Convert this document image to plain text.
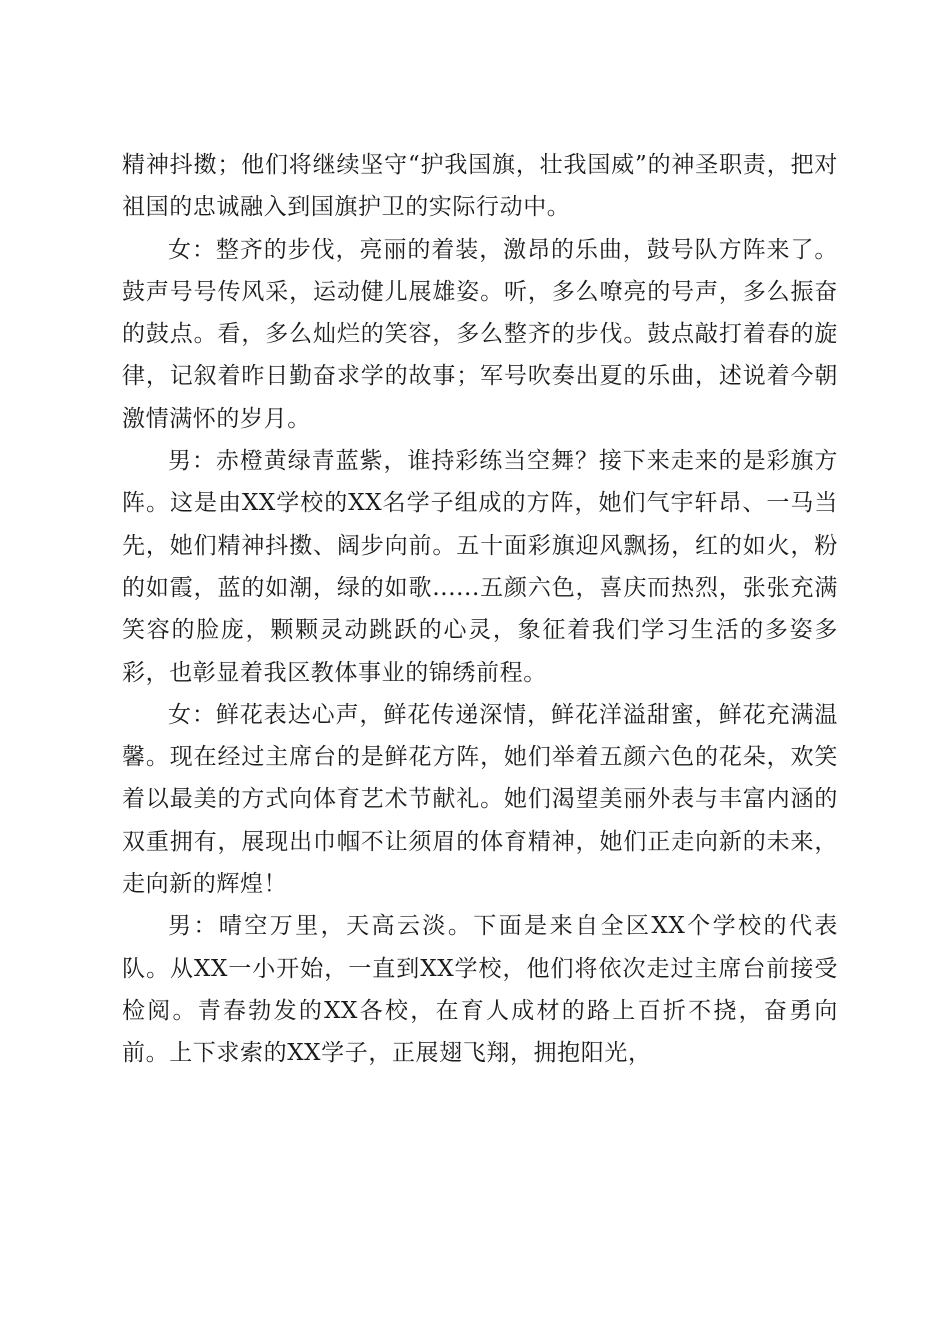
精神抖擞；他们将继续坚守“护我国旗，壮我国威”的神圣职责，把对祖国的忠诚融入到国旗护卫的实际行动中。

女：整齐的步伐，亮丽的着装，激昂的乐曲，鼓号队方阵来了。鼓声号号传风采，运动健儿展雄姿。听，多么嘹亮的号声，多么振奋的鼓点。看，多么灿烂的笑容，多么整齐的步伐。鼓点敲打着春的旋律，记叙着昨日勤奋求学的故事；军号吹奏出夏的乐曲，述说着今朝激情满怀的岁月。

男：赤橙黄绿青蓝紫，谁持彩练当空舞？接下来走来的是彩旗方阵。这是由XX学校的XX名学子组成的方阵，她们气宇轩昂、一马当先，她们精神抖擞、阔步向前。五十面彩旗迎风飘扬，红的如火，粉的如霞，蓝的如潮，绿的如歌......五颜六色，喜庆而热烈，张张充满笑容的脸庞，颗颗灵动跳跃的心灵，象征着我们学习生活的多姿多彩，也彰显着我区教体事业的锦绣前程。

女：鲜花表达心声，鲜花传递深情，鲜花洋溢甜蜜，鲜花充满温馨。现在经过主席台的是鲜花方阵，她们举着五颜六色的花朵，欢笑着以最美的方式向体育艺术节献礼。她们渴望美丽外表与丰富内涵的双重拥有，展现出巾帼不让须眉的体育精神，她们正走向新的未来，走向新的辉煌！

男：晴空万里，天高云淡。下面是来自全区XX个学校的代表队。从XX一小开始，一直到XX学校，他们将依次走过主席台前接受检阅。青春勃发的XX各校，在育人成材的路上百折不挠，奋勇向前。上下求索的XX学子，正展翅飞翔，拥抱阳光，
